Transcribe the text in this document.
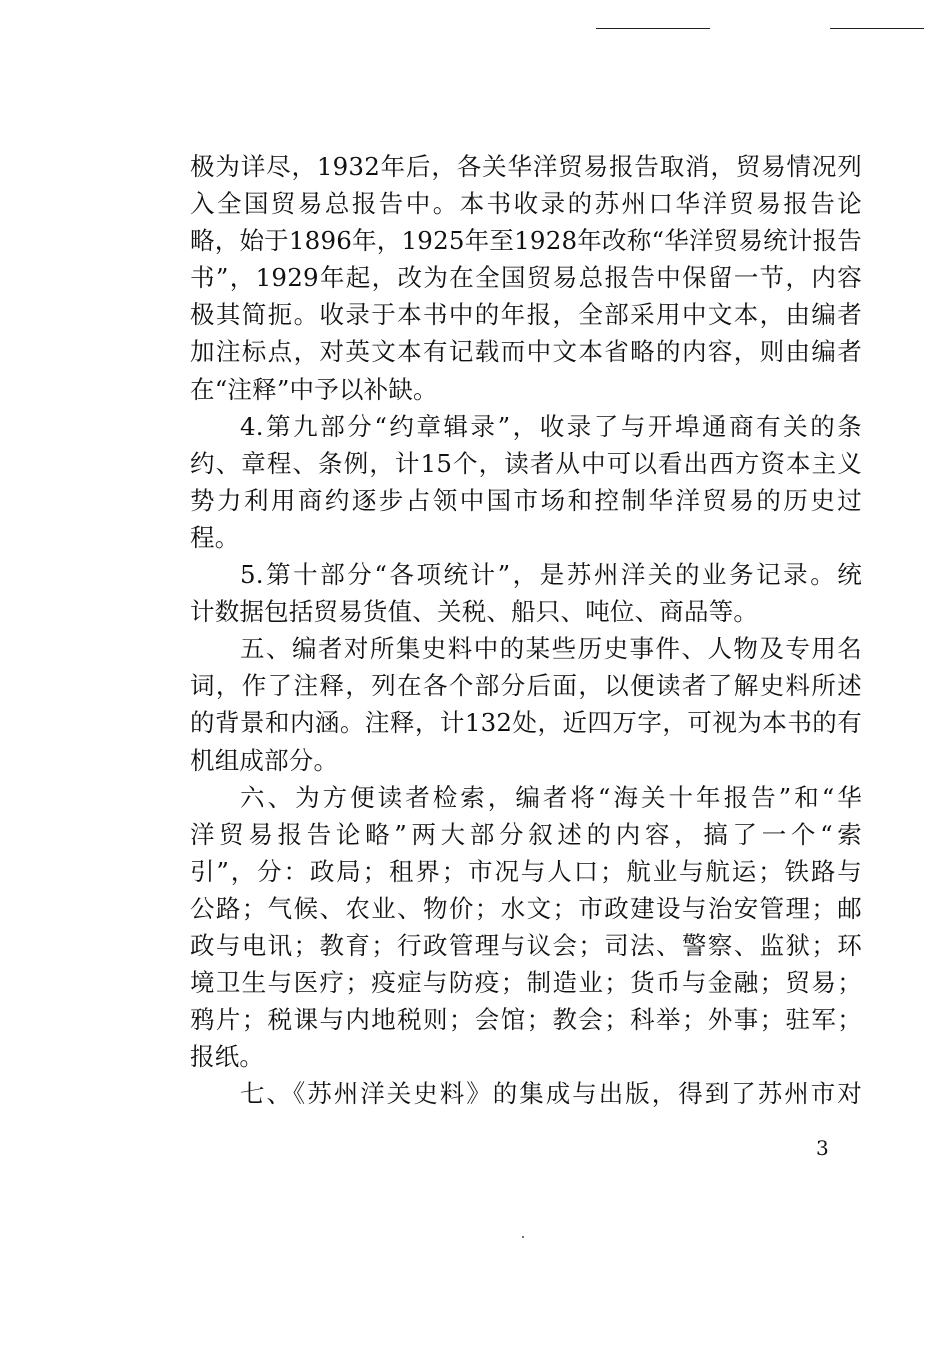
极为详尽，1932年后，各关华洋贸易报告取消，贸易情况列
入全国贸易总报告中。本书收录的苏州口华洋贸易报告论
略，始于1896年，1925年至1928年改称“华洋贸易统计报告
书”，1929年起，改为在全国贸易总报告中保留一节，内容
极其简扼。收录于本书中的年报，全部采用中文本，由编者
加注标点，对英文本有记载而中文本省略的内容，则由编者
在“注释”中予以补缺。
4.第九部分“约章辑录”，收录了与开埠通商有关的条
约、章程、条例，计15个，读者从中可以看出西方资本主义
势力利用商约逐步占领中国市场和控制华洋贸易的历史过
程。
5.第十部分“各项统计”，是苏州洋关的业务记录。统
计数据包括贸易货值、关税、船只、吨位、商品等。
五、编者对所集史料中的某些历史事件、人物及专用名
词，作了注释，列在各个部分后面，以便读者了解史料所述
的背景和内涵。注释，计132处，近四万字，可视为本书的有
机组成部分。
六、为方便读者检索，编者将“海关十年报告”和“华
洋贸易报告论略”两大部分叙述的内容，搞了一个“索
引”，分：政局；租界；市况与人口；航业与航运；铁路与
公路；气候、农业、物价；水文；市政建设与治安管理；邮
政与电讯；教育；行政管理与议会；司法、警察、监狱；环
境卫生与医疗；疫症与防疫；制造业；货币与金融；贸易；
鸦片；税课与内地税则；会馆；教会；科举；外事；驻军；
报纸。
七、《苏州洋关史料》的集成与出版，得到了苏州市对
3
